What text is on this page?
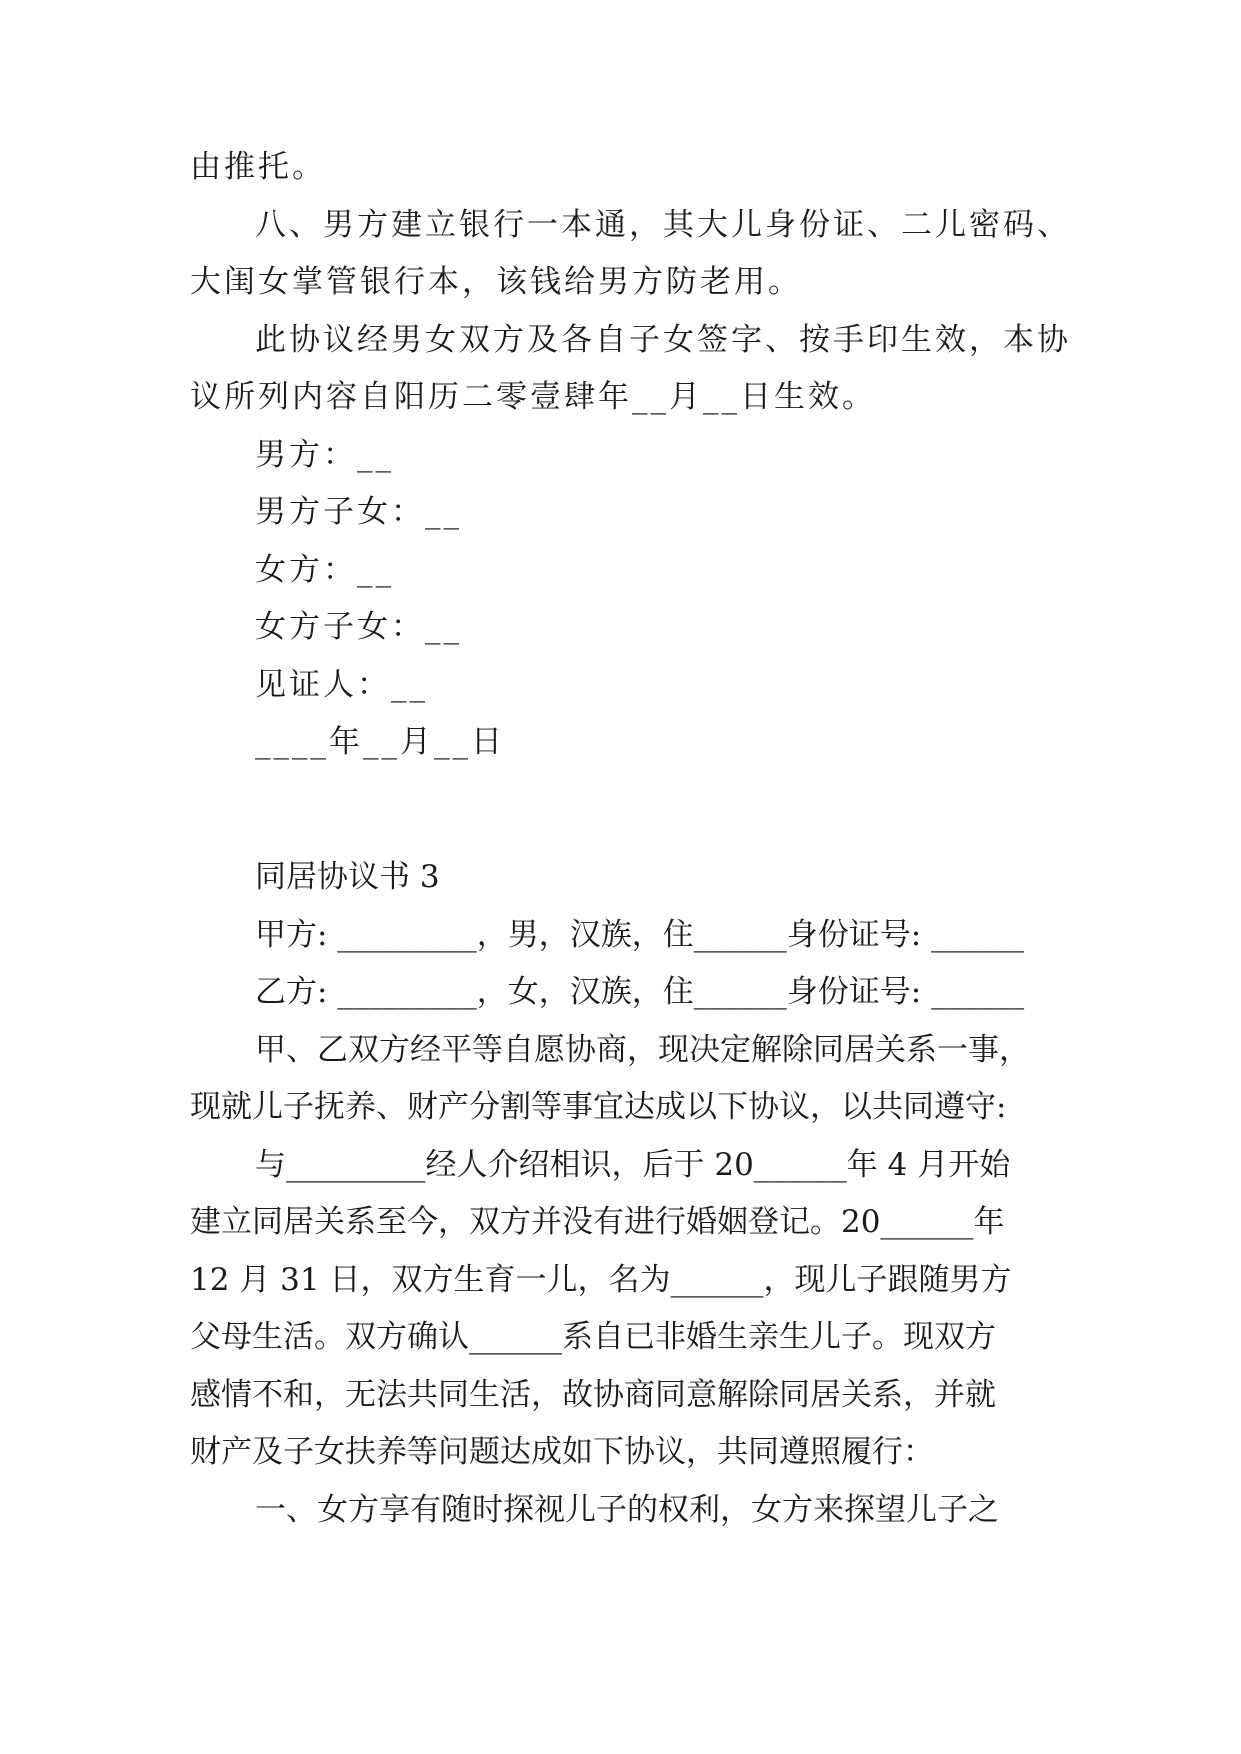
由推托。
八、男方建立银行一本通，其大儿身份证、二儿密码、
大闺女掌管银行本，该钱给男方防老用。
此协议经男女双方及各自子女签字、按手印生效，本协
议所列内容自阳历二零壹肆年__月__日生效。
男方：__
男方子女：__
女方：__
女方子女：__
见证人：__
____年__月__日
同居协议书 3
甲方: _________，男，汉族，住______身份证号: ______
乙方: _________，女，汉族，住______身份证号: ______
甲、乙双方经平等自愿协商，现决定解除同居关系一事，
现就儿子抚养、财产分割等事宜达成以下协议，以共同遵守:
与_________经人介绍相识，后于 20______年 4 月开始
建立同居关系至今，双方并没有进行婚姻登记。20______年
12 月 31 日，双方生育一儿，名为______，现儿子跟随男方
父母生活。双方确认______系自已非婚生亲生儿子。现双方
感情不和，无法共同生活，故协商同意解除同居关系，并就
财产及子女扶养等问题达成如下协议，共同遵照履行：
一、女方享有随时探视儿子的权利，女方来探望儿子之
